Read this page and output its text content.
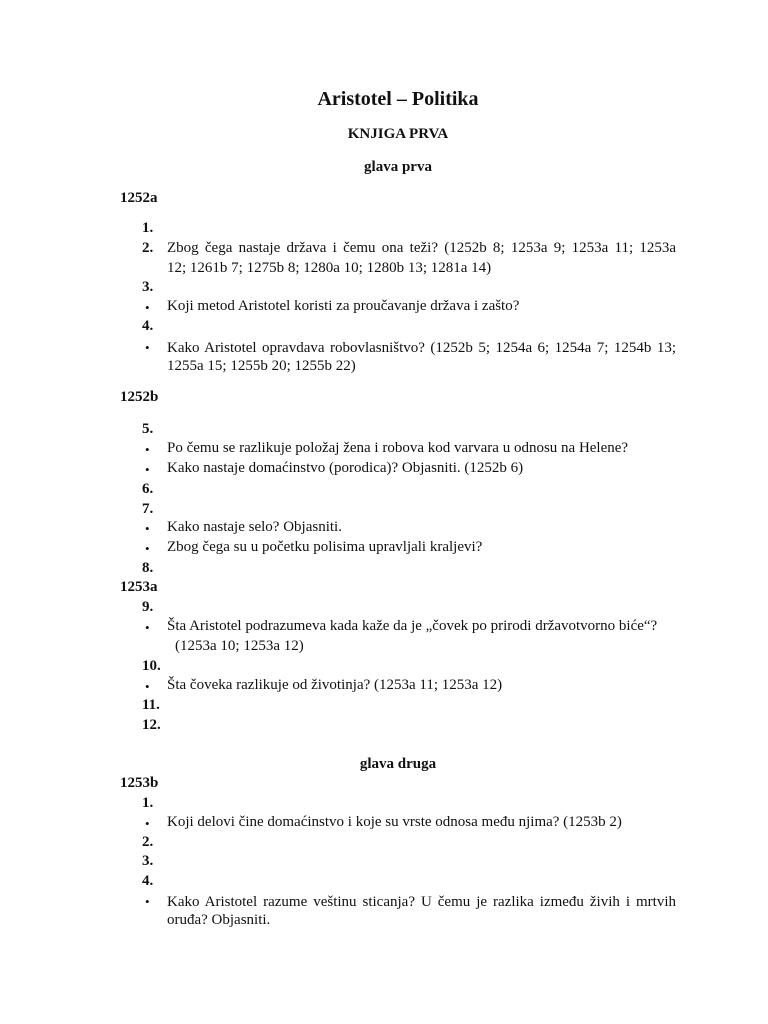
Aristotel – Politika
KNJIGA PRVA
glava prva
1252a
1.
2. Zbog čega nastaje država i čemu ona teži? (1252b 8; 1253a 9; 1253a 11; 1253a
12; 1261b 7; 1275b 8; 1280a 10; 1280b 13; 1281a 14)
3.
• Koji metod Aristotel koristi za proučavanje država i zašto?
4.
• Kako Aristotel opravdava robovlasništvo? (1252b 5; 1254a 6; 1254a 7; 1254b 13;
1255a 15; 1255b 20; 1255b 22)
1252b
5.
• Po čemu se razlikuje položaj žena i robova kod varvara u odnosu na Helene?
• Kako nastaje domaćinstvo (porodica)? Objasniti. (1252b 6)
6.
7.
• Kako nastaje selo? Objasniti.
• Zbog čega su u početku polisima upravljali kraljevi?
8.
1253a
9.
• Šta Aristotel podrazumeva kada kaže da je „čovek po prirodi državotvorno biće“?
(1253a 10; 1253a 12)
10.
• Šta čoveka razlikuje od životinja? (1253a 11; 1253a 12)
11.
12.
glava druga
1253b
1.
• Koji delovi čine domaćinstvo i koje su vrste odnosa među njima? (1253b 2)
2.
3.
4.
• Kako Aristotel razume veštinu sticanja? U čemu je razlika između živih i mrtvih
oruđa? Objasniti.
